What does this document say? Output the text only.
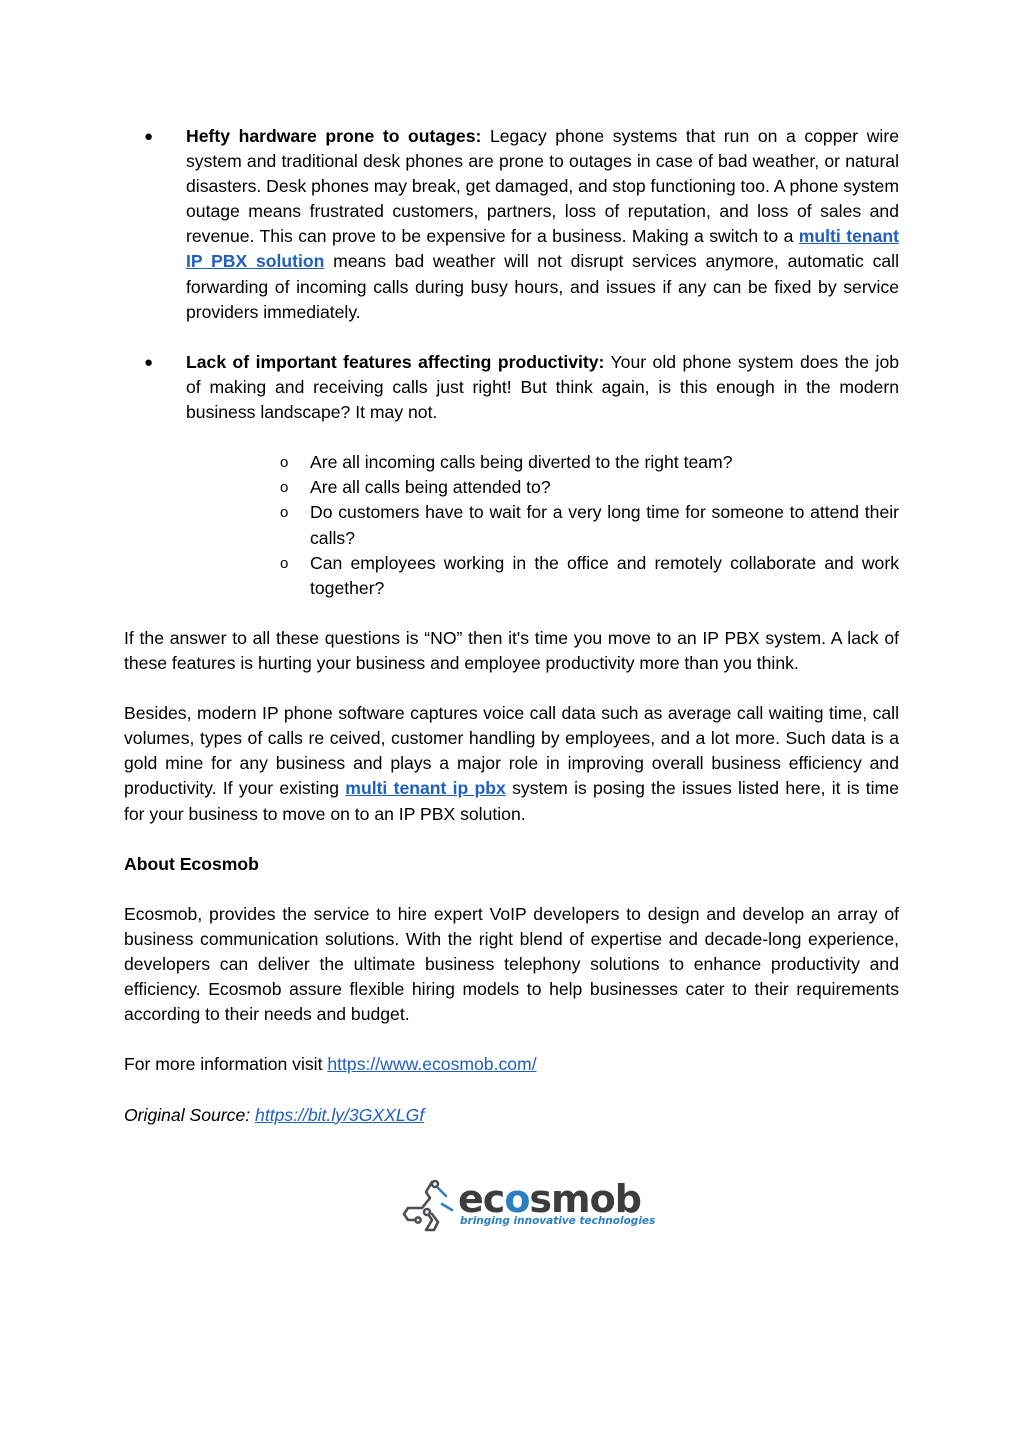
●	Hefty hardware prone to outages: Legacy phone systems that run on a copper wire system and traditional desk phones are prone to outages in case of bad weather, or natural disasters. Desk phones may break, get damaged, and stop functioning too. A phone system outage means frustrated customers, partners, loss of reputation, and loss of sales and revenue. This can prove to be expensive for a business. Making a switch to a multi tenant IP PBX solution means bad weather will not disrupt services anymore, automatic call forwarding of incoming calls during busy hours, and issues if any can be fixed by service providers immediately.

●	Lack of important features affecting productivity: Your old phone system does the job of making and receiving calls just right! But think again, is this enough in the modern business landscape? It may not.

o	Are all incoming calls being diverted to the right team?

o	Are all calls being attended to?

o	Do customers have to wait for a very long time for someone to attend their calls?

o	Can employees working in the office and remotely collaborate and work together?

If the answer to all these questions is “NO” then it's time you move to an IP PBX system. A lack of these features is hurting your business and employee productivity more than you think.

Besides, modern IP phone software captures voice call data such as average call waiting time, call volumes, types of calls re ceived, customer handling by employees, and a lot more. Such data is a gold mine for any business and plays a major role in improving overall business efficiency and productivity. If your existing multi tenant ip pbx system is posing the issues listed here, it is time for your business to move on to an IP PBX solution.

About Ecosmob

Ecosmob, provides the service to hire expert VoIP developers to design and develop an array of business communication solutions. With the right blend of expertise and decade-long experience, developers can deliver the ultimate business telephony solutions to enhance productivity and efficiency. Ecosmob assure flexible hiring models to help businesses cater to their requirements according to their needs and budget.

For more information visit https://www.ecosmob.com/

Original Source: https://bit.ly/3GXXLGf

ecosmob
bringing innovative technologies
